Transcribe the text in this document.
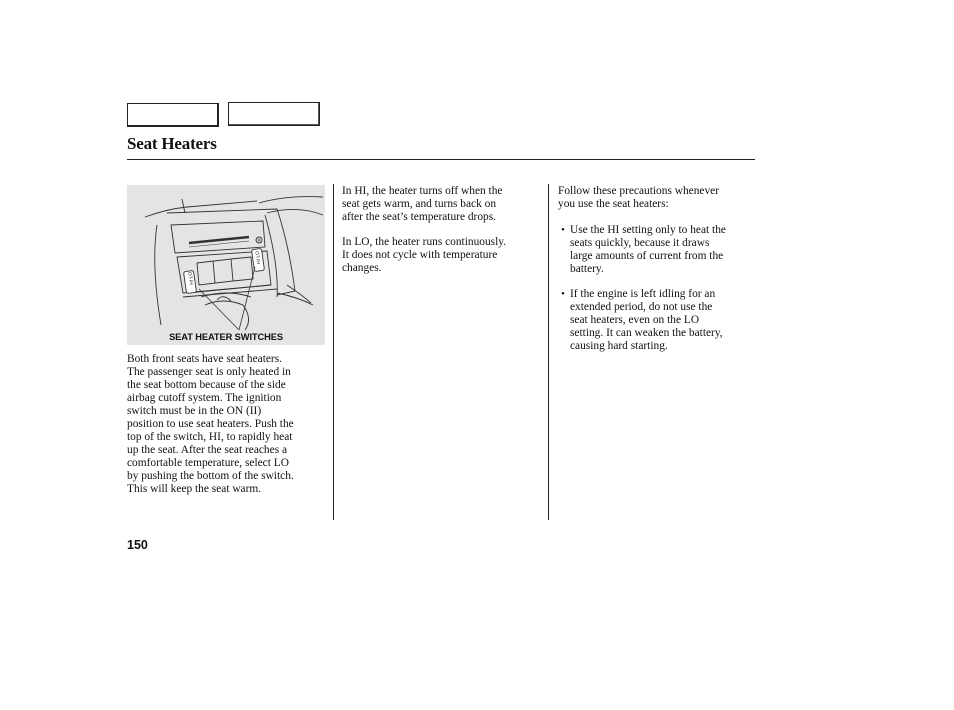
Seat Heaters
HI LO
HI LO
SEAT HEATER SWITCHES

Both front seats have seat heaters.
The passenger seat is only heated in
the seat bottom because of the side
airbag cutoff system. The ignition
switch must be in the ON (II)
position to use seat heaters. Push the
top of the switch, HI, to rapidly heat
up the seat. After the seat reaches a
comfortable temperature, select LO
by pushing the bottom of the switch.
This will keep the seat warm.

In HI, the heater turns off when the
seat gets warm, and turns back on
after the seat’s temperature drops.

In LO, the heater runs continuously.
It does not cycle with temperature
changes.

Follow these precautions whenever
you use the seat heaters:

• Use the HI setting only to heat the
seats quickly, because it draws
large amounts of current from the
battery.

• If the engine is left idling for an
extended period, do not use the
seat heaters, even on the LO
setting. It can weaken the battery,
causing hard starting.

150
